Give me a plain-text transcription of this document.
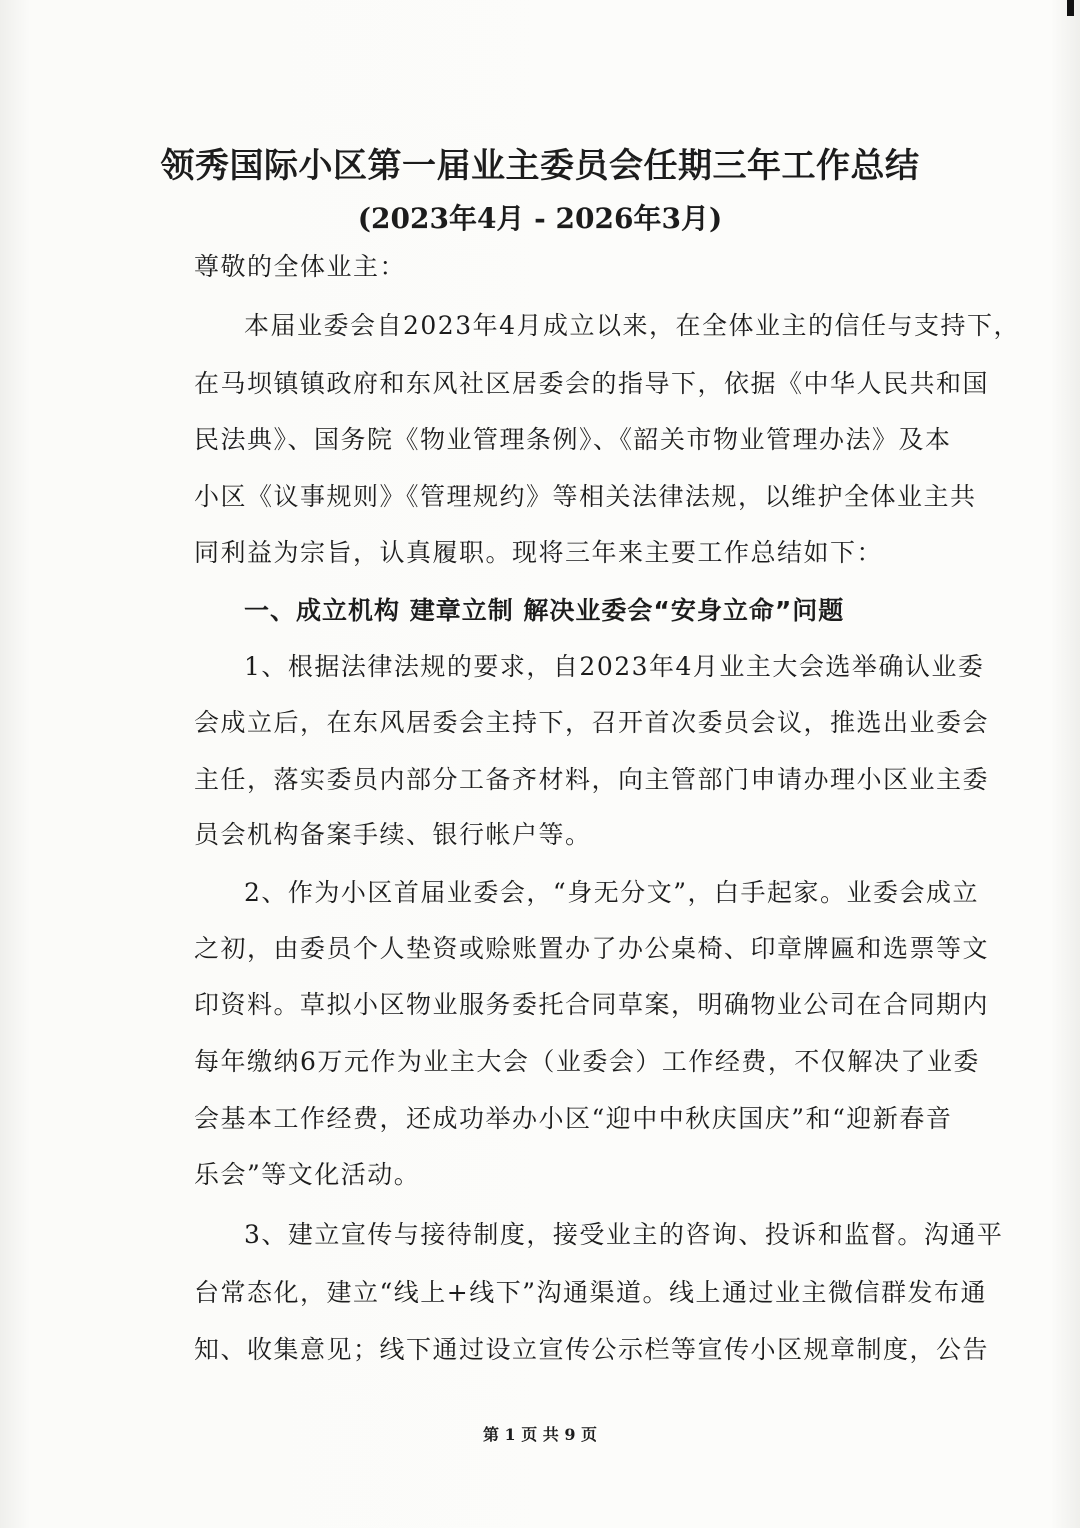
领秀国际小区第一届业主委员会任期三年工作总结
(2023年4月 - 2026年3月)
尊敬的全体业主：
本届业委会自2023年4月成立以来，在全体业主的信任与支持下，
在马坝镇镇政府和东风社区居委会的指导下，依据《中华人民共和国
民法典》、国务院《物业管理条例》、《韶关市物业管理办法》及本
小区《议事规则》《管理规约》等相关法律法规，以维护全体业主共
同利益为宗旨，认真履职。现将三年来主要工作总结如下：
一、成立机构 建章立制 解决业委会“安身立命”问题
1、根据法律法规的要求，自2023年4月业主大会选举确认业委
会成立后，在东风居委会主持下，召开首次委员会议，推选出业委会
主任，落实委员内部分工备齐材料，向主管部门申请办理小区业主委
员会机构备案手续、银行帐户等。
2、作为小区首届业委会，“身无分文”，白手起家。业委会成立
之初，由委员个人垫资或赊账置办了办公桌椅、印章牌匾和选票等文
印资料。草拟小区物业服务委托合同草案，明确物业公司在合同期内
每年缴纳6万元作为业主大会（业委会）工作经费，不仅解决了业委
会基本工作经费，还成功举办小区“迎中中秋庆国庆”和“迎新春音
乐会”等文化活动。
3、建立宣传与接待制度，接受业主的咨询、投诉和监督。沟通平
台常态化，建立“线上+线下”沟通渠道。线上通过业主微信群发布通
知、收集意见；线下通过设立宣传公示栏等宣传小区规章制度，公告
第 1 页 共 9 页
